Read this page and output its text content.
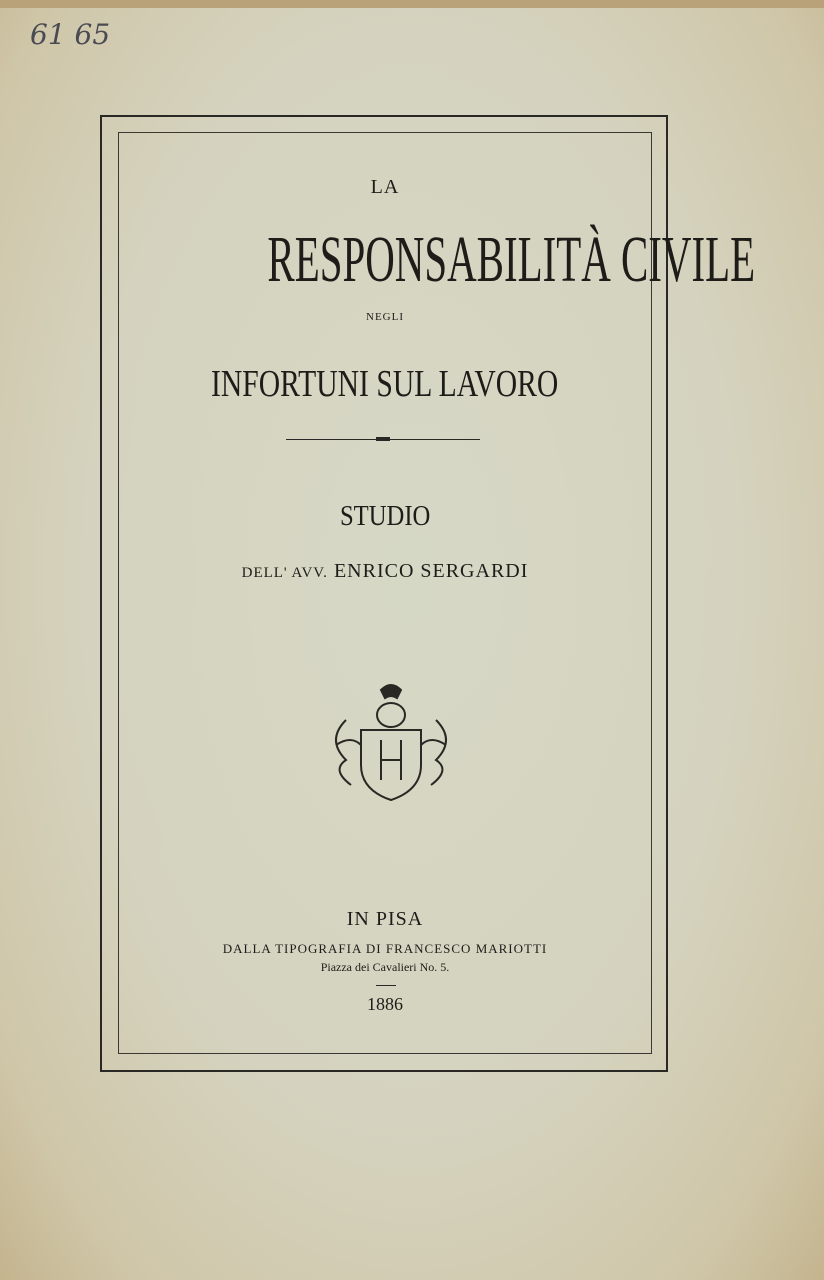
61 65
LA
RESPONSABILITÀ CIVILE
NEGLI
INFORTUNI SUL LAVORO
STUDIO
DELL' AVV. ENRICO SERGARDI
IN PISA
DALLA TIPOGRAFIA DI FRANCESCO MARIOTTI
Piazza dei Cavalieri No. 5.
1886
